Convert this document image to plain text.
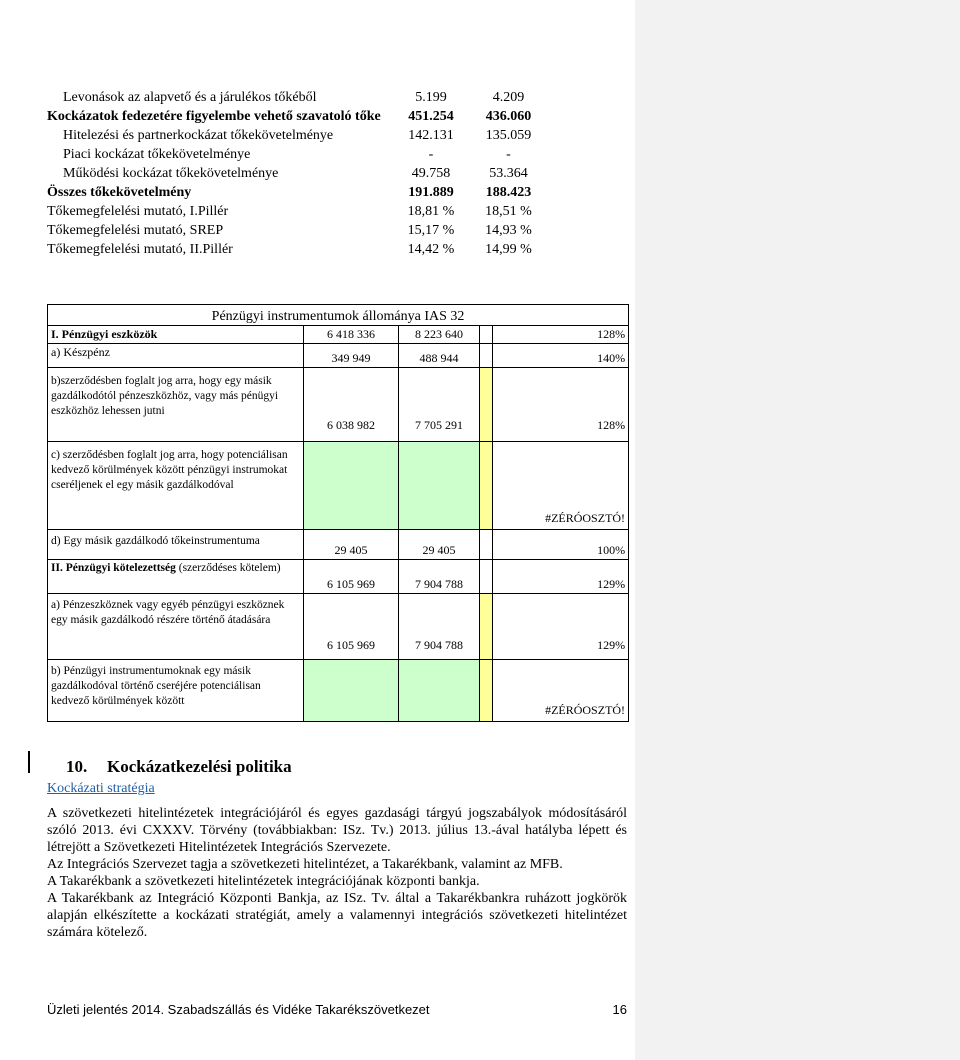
Levonások az alapvető és a járulékos tőkéből	5.199	4.209
Kockázatok fedezetére figyelembe vehető szavatoló tőke	451.254	436.060
Hitelezési és partnerkockázat tőkekövetelménye	142.131	135.059
Piaci kockázat tőkekövetelménye	-	-
Működési kockázat tőkekövetelménye	49.758	53.364
Összes tőkekövetelmény	191.889	188.423
Tőkemegfelelési mutató, I.Pillér	18,81 %	18,51 %
Tőkemegfelelési mutató, SREP	15,17 %	14,93 %
Tőkemegfelelési mutató, II.Pillér	14,42 %	14,99 %
Pénzügyi instrumentumok állománya IAS 32				
I. Pénzügyi eszközök	6 418 336	8 223 640		128%
a) Készpénz	349 949	488 944		140%
b)szerződésben foglalt jog arra, hogy egy másik gazdálkodótól pénzeszközhöz, vagy más pénügyi eszközhöz lehessen jutni	6 038 982	7 705 291		128%
c) szerződésben foglalt jog arra, hogy potenciálisan kedvező körülmények között pénzügyi instrumokat cseréljenek el egy másik gazdálkodóval				#ZÉRÓOSZTÓ!
d) Egy másik gazdálkodó tőkeinstrumentuma	29 405	29 405		100%
II. Pénzügyi kötelezettség (szerződéses kötelem)	6 105 969	7 904 788		129%
a) Pénzeszköznek vagy egyéb pénzügyi eszköznek egy másik gazdálkodó részére történő átadására	6 105 969	7 904 788		129%
b) Pénzügyi instrumentumoknak egy másik gazdálkodóval történő cseréjére potenciálisan kedvező körülmények között				#ZÉRÓOSZTÓ!
10. Kockázatkezelési politika
Kockázati stratégia

A szövetkezeti hitelintézetek integrációjáról és egyes gazdasági tárgyú jogszabályok módosításáról szóló 2013. évi CXXXV. Törvény (továbbiakban: ISz. Tv.) 2013. július 13.-ával hatályba lépett és létrejött a Szövetkezeti Hitelintézetek Integrációs Szervezete.

Az Integrációs Szervezet tagja a szövetkezeti hitelintézet, a Takarékbank, valamint az MFB.

A Takarékbank a szövetkezeti hitelintézetek integrációjának központi bankja.

A Takarékbank az Integráció Központi Bankja, az ISz. Tv. által a Takarékbankra ruházott jogkörök alapján elkészítette a kockázati stratégiát, amely a valamennyi integrációs szövetkezeti hitelintézet számára kötelező.

Üzleti jelentés 2014. Szabadszállás és Vidéke Takarékszövetkezet	16
